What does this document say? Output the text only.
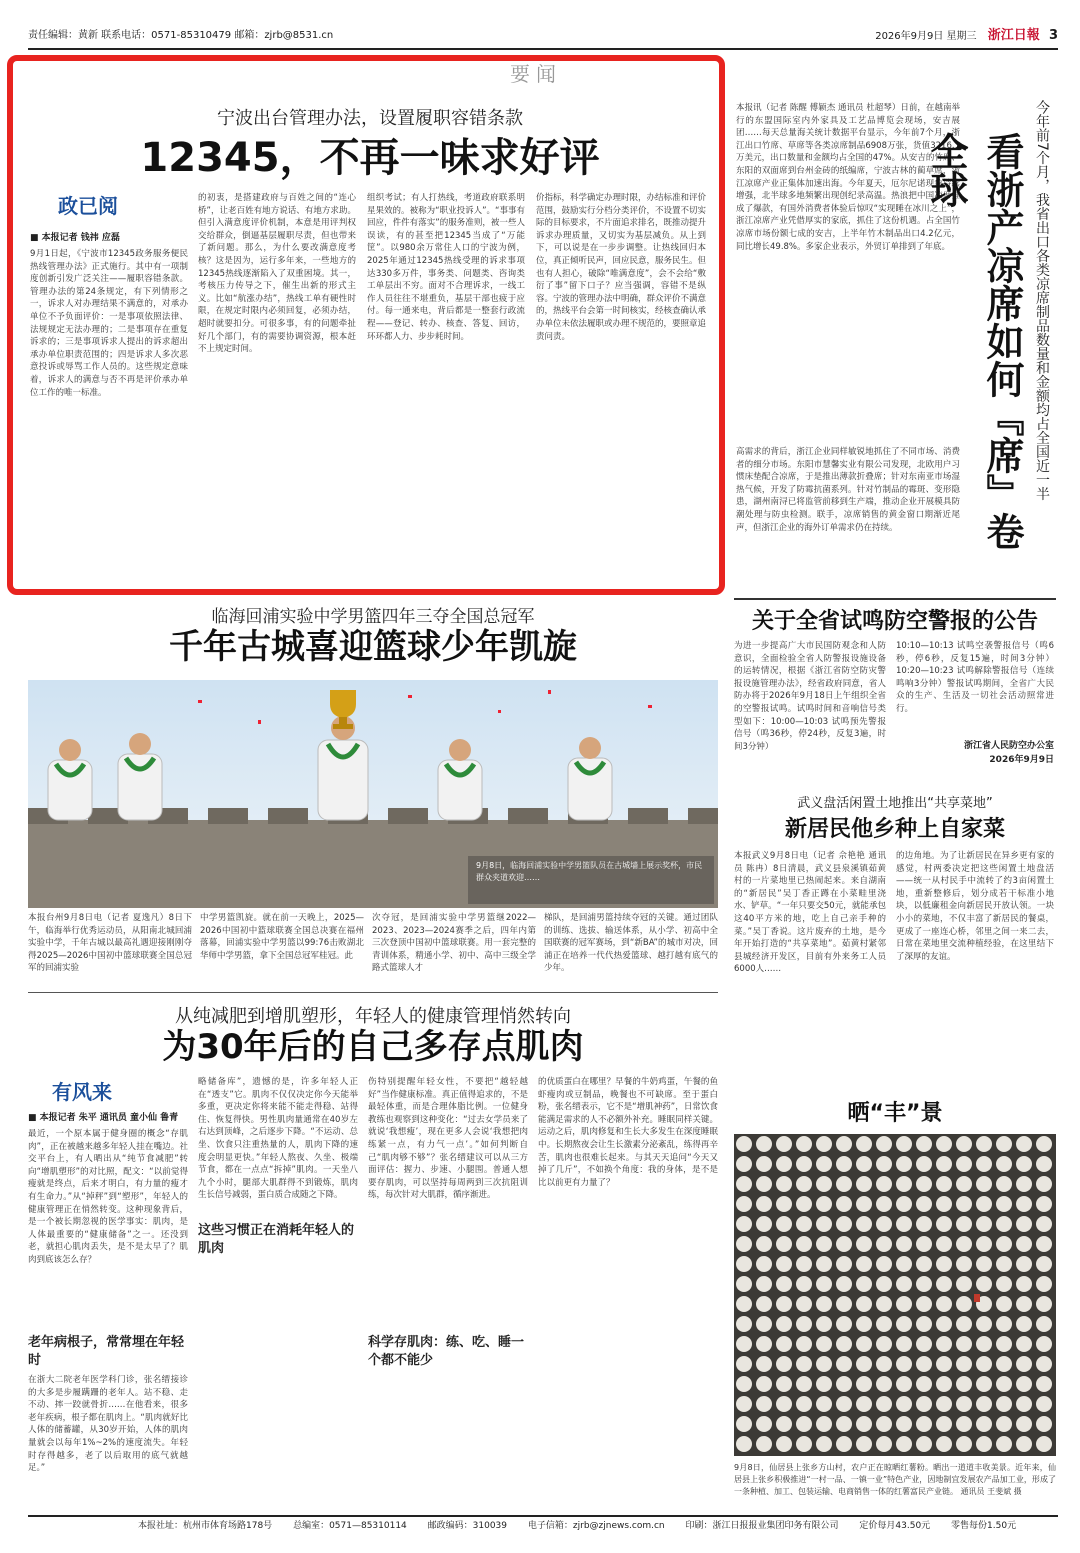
责任编辑：黄新 联系电话：0571-85310479 邮箱：zjrb@8531.cn	2026年9月9日 星期三 浙江日報 3
要闻
宁波出台管理办法，设置履职容错条款
12345，不再一味求好评
政已阅
■ 本报记者 钱祎 应磊
9月1日起，《宁波市12345政务服务便民热线管理办法》正式施行。其中有一项制度创新引发广泛关注——履职容错条款。管理办法的第24条规定，有下列情形之一，诉求人对办理结果不满意的，对承办单位不予负面评价：一是事项依照法律、法规规定无法办理的；二是事项存在重复诉求的；三是事项诉求人提出的诉求超出承办单位职责范围的；四是诉求人多次恶意投诉或辱骂工作人员的。这些规定意味着，诉求人的满意与否不再是评价承办单位工作的唯一标准。
的初衷，是搭建政府与百姓之间的“连心桥”，让老百姓有地方说话、有地方求助。但引入满意度评价机制，本意是用评判权交给群众，倒逼基层履职尽责，但也带来了新问题。那么，为什么要改满意度考核？这是因为，运行多年来，一些地方的12345热线逐渐陷入了双重困境。其一，考核压力传导之下，催生出新的形式主义。比如“航涨办结”，热线工单有硬性时限，在规定时限内必须回复，必须办结，超时就要扣分。可很多事，有的问题牵扯好几个部门，有的需要协调资源，根本赶不上规定时间。
组织考试；有人打热线，考道政府联系明星果效的。被称为“职业投诉人”。“事事有回应，件件有落实”的服务准则，被一些人误读，有的甚至把12345当成了“万能筐”。以980余万常住人口的宁波为例，2025年通过12345热线受理的诉求事项达330多万件，事务类、问题类、咨询类工单层出不穷。面对不合理诉求，一线工作人员往往不堪重负，基层干部也疲于应付。每一通来电，背后都是一整套行政流程——登记、转办、核查、答复、回访，环环都人力、步步耗时间。
价指标，科学确定办理时限，办结标准和评价范围，鼓励实行分档分类评价，不设置不切实际的目标要求，不片面追求排名，既推动提升诉求办理质量，又切实为基层减负。从上到下，可以说是在一步步调整。让热线回归本位，真正倾听民声，回应民意，服务民生。但也有人担心，破除“唯满意度”，会不会给“敷衍了事”留下口子？应当强调，容错不是纵容。宁波的管理办法中明确，群众评价不满意的，热线平台会第一时间核实，经核查确认承办单位未依法履职或办理不规范的，要照章追责问责。
本报讯（记者 陈醒 傅颖杰 通讯员 杜超琴）日前，在越南举行的东盟国际室内外家具及工艺品博览会现场，安吉展团……每天总量海关统计数据平台显示，今年前7个月，浙江出口竹席、草席等各类凉席制品6908万张，货值3216.1万美元，出口数量和金额均占全国的47%。从安吉的竹席、东阳的双面席到台州金砖的纸编席，宁波古林的蔺草席，浙江凉席产业正集体加速出海。今年夏天，厄尔尼诺现象持续增强，北半球多地频繁出现创纪录高温。热浪把中国凉席推成了爆款，有国外消费者体验后惊叹“实现睡在冰川之上”，浙江凉席产业凭借厚实的家底，抓住了这份机遇。占全国竹凉席市场份额七成的安吉，上半年竹木制品出口4.2亿元，同比增长49.8%。多家企业表示，外贸订单排到了年底。
高需求的背后，浙江企业同样敏锐地抓住了不同市场、消费者的细分市场。东阳市慧馨实业有限公司发现，北欧用户习惯床垫配合凉席，于是推出薄款折叠席；针对东南亚市场湿热气候，开发了防霉抗菌系列。针对竹制品的霉斑、变形隐患，湖州南浔已将监管前移到生产端，推动企业开展模具防潮处理与防虫检测。联手，凉席销售的黄金窗口期渐近尾声，但浙江企业的海外订单需求仍在持续。
今年前7个月，我省出口各类凉席制品数量和金额均占全国近一半
看浙产凉席如何『席』卷全球
关于全省试鸣防空警报的公告
为进一步提高广大市民国防观念和人防意识，全面检验全省人防警报设施设备的运转情况，根据《浙江省防空防灾警报设施管理办法》，经省政府同意，省人防办将于2026年9月18日上午组织全省的空警报试鸣。试鸣时间和音响信号类型如下：10:00—10:03 试鸣预先警报信号（鸣36秒，停24秒，反复3遍，时间3分钟）
10:10—10:13 试鸣空袭警报信号（鸣6秒，停6秒，反复15遍，时间3分钟）10:20—10:23 试鸣解除警报信号（连续鸣响3分钟）警报试鸣期间，全省广大民众的生产、生活及一切社会活动照常进行。
浙江省人民防空办公室
2026年9月9日
武义盘活闲置土地推出“共享菜地”
新居民他乡种上自家菜
本报武义9月8日电（记者 佘艳艳 通讯员 陈冉）8日清晨，武义县泉溪镇茹黄村的一片菜地里已热闹起来。来自湖南的“新居民”吴丁香正蹲在小菜畦里浇水、铲草。“一年只要交50元，就能承包这40平方米的地，吃上自己亲手种的菜。”吴丁香说。这片废弃的土地，是今年开始打造的“共享菜地”。茹黄村紧邻县城经济开发区，目前有外来务工人员6000人……
的边角地。为了让新居民在异乡更有家的感觉，村两委决定把这些闲置土地盘活——统一从村民手中流转了约3亩闲置土地，重新整修后，划分成若干标准小地块，以低廉租金向新居民开放认领。一块小小的菜地，不仅丰富了新居民的餐桌，更成了一座连心桥，邻里之间一来二去，日常在菜地里交流种植经验，在这里结下了深厚的友谊。
临海回浦实验中学男篮四年三夺全国总冠军
千年古城喜迎篮球少年凯旋
9月8日，临海回浦实验中学男篮队员在古城墙上展示奖杯，市民群众夹道欢迎……
本报台州9月8日电（记者 夏逸凡）8日下午，临海举行优秀运动员，从阳南北城回浦实验中学，千年古城以最高礼遇迎接刚刚夺得2025—2026中国初中篮球联赛全国总冠军的回浦实验
中学男篮凯旋。就在前一天晚上，2025—2026中国初中篮球联赛全国总决赛在福州落幕，回浦实验中学男篮以99:76击败湖北华师中学男篮，拿下全国总冠军桂冠。此
次夺冠，是回浦实验中学男篮继2022—2023、2023—2024赛季之后，四年内第三次登顶中国初中篮球联赛。用一套完整的青训体系，精通小学、初中、高中三级全学路式篮球人才
梯队，是回浦男篮持续夺冠的关键。通过团队的训练、选拔、输送体系，从小学、初高中全国联赛的冠军赛场，到“新BA”的城市对决，回浦正在培养一代代热爱篮球、越打越有底气的少年。
从纯减肥到增肌塑形，年轻人的健康管理悄然转向
为30年后的自己多存点肌肉
有风来
■ 本报记者 朱平 通讯员 童小仙 鲁青
最近，一个原本属于健身圈的概念“存肌肉”，正在被越来越多年轻人挂在嘴边。社交平台上，有人晒出从“纯节食减肥”转向“增肌塑形”的对比照，配文：“以前觉得瘦就是终点，后来才明白，有力量的瘦才有生命力。”从“掉秤”到“塑形”，年轻人的健康管理正在悄然转变。这种现象背后，是一个被长期忽视的医学事实：肌肉，是人体最重要的“健康储备”之一。还没到老，就担心肌肉丢失，是不是太早了？肌肉到底该怎么存？
老年病根子，常常埋在年轻时
在浙大二院老年医学科门诊，张名缙接诊的大多是步履蹒跚的老年人。站不稳、走不动、摔一跤就骨折……在他看来，很多老年疾病，根子都在肌肉上。“肌肉就好比人体的储蓄罐，从30岁开始，人体的肌肉量就会以每年1%~2%的速度流失。年轻时存得越多，老了以后取用的底气就越足。”
略储备库”，遗憾的是，许多年轻人正在“透支”它。肌肉不仅仅决定你今天能举多重，更决定你将来能不能走得稳、站得住、恢复得快。男性肌肉量通常在40岁左右达到顶峰，之后逐步下降。“不运动、总坐、饮食只注重热量的人，肌肉下降的速度会明显更快。”年轻人熬夜、久坐、极端节食，都在一点点“拆掉”肌肉。一天坐八九个小时，腿部大肌群得不到锻炼，肌肉生长信号减弱，蛋白质合成随之下降。
这些习惯正在消耗年轻人的肌肉
伤特别提醒年轻女性，不要把“越轻越好”当作健康标准。真正值得追求的，不是最轻体重，而是合理体脂比例。一位健身教练也观察到这种变化：“过去女学员来了就说‘我想瘦’，现在更多人会说‘我想把肉练紧一点，有力气一点’。”如何判断自己“肌肉够不够”？张名缙建议可以从三方面评估：握力、步速、小腿围。普通人想要存肌肉，可以坚持每周两到三次抗阻训练，每次针对大肌群，循序渐进。
科学存肌肉：练、吃、睡一个都不能少
的优质蛋白在哪里？早餐的牛奶鸡蛋，午餐的鱼虾瘦肉或豆制品，晚餐也不可缺席。至于蛋白粉，张名缙表示，它不是“增肌神药”，日常饮食能满足需求的人不必额外补充。睡眠同样关键。运动之后，肌肉修复和生长大多发生在深度睡眠中。长期熬夜会让生长激素分泌紊乱，练得再辛苦，肌肉也很难长起来。与其天天追问“今天又掉了几斤”，不如换个角度：我的身体，是不是比以前更有力量了？
晒“丰”景
9月8日，仙居县上张乡方山村，农户正在晾晒红薯粉。晒出一道道丰收美景。近年来，仙居县上张乡积极推进“一村一品、一镇一业”特色产业，因地制宜发展农产品加工业，形成了一条种植、加工、包装运输、电商销售一体的红薯富民产业链。 通讯员 王斐斌 摄
本报社址：杭州市体育场路178号 总编室：0571—85310114 邮政编码：310039 电子信箱：zjrb@zjnews.com.cn 印刷：浙江日报报业集团印务有限公司 定价每月43.50元 零售每份1.50元
